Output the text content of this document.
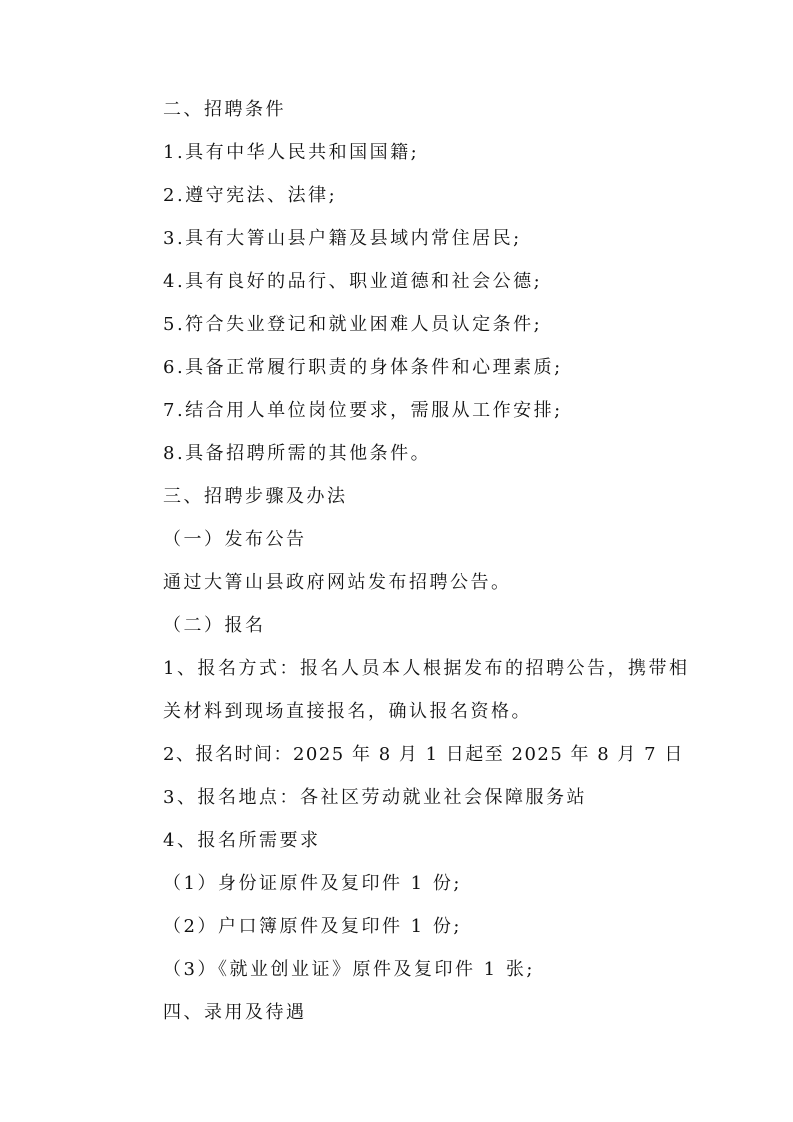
二、招聘条件
1.具有中华人民共和国国籍;
2.遵守宪法、法律;
3.具有大箐山县户籍及县域内常住居民;
4.具有良好的品行、职业道德和社会公德;
5.符合失业登记和就业困难人员认定条件;
6.具备正常履行职责的身体条件和心理素质;
7.结合用人单位岗位要求，需服从工作安排;
8.具备招聘所需的其他条件。
三、招聘步骤及办法
（一）发布公告
通过大箐山县政府网站发布招聘公告。
（二）报名
1、报名方式：报名人员本人根据发布的招聘公告，携带相
关材料到现场直接报名，确认报名资格。
2、报名时间：2025 年 8 月 1 日起至 2025 年 8 月 7 日
3、报名地点：各社区劳动就业社会保障服务站
4、报名所需要求
（1）身份证原件及复印件 1 份;
（2）户口簿原件及复印件 1 份;
（3）《就业创业证》原件及复印件 1 张;
四、录用及待遇
